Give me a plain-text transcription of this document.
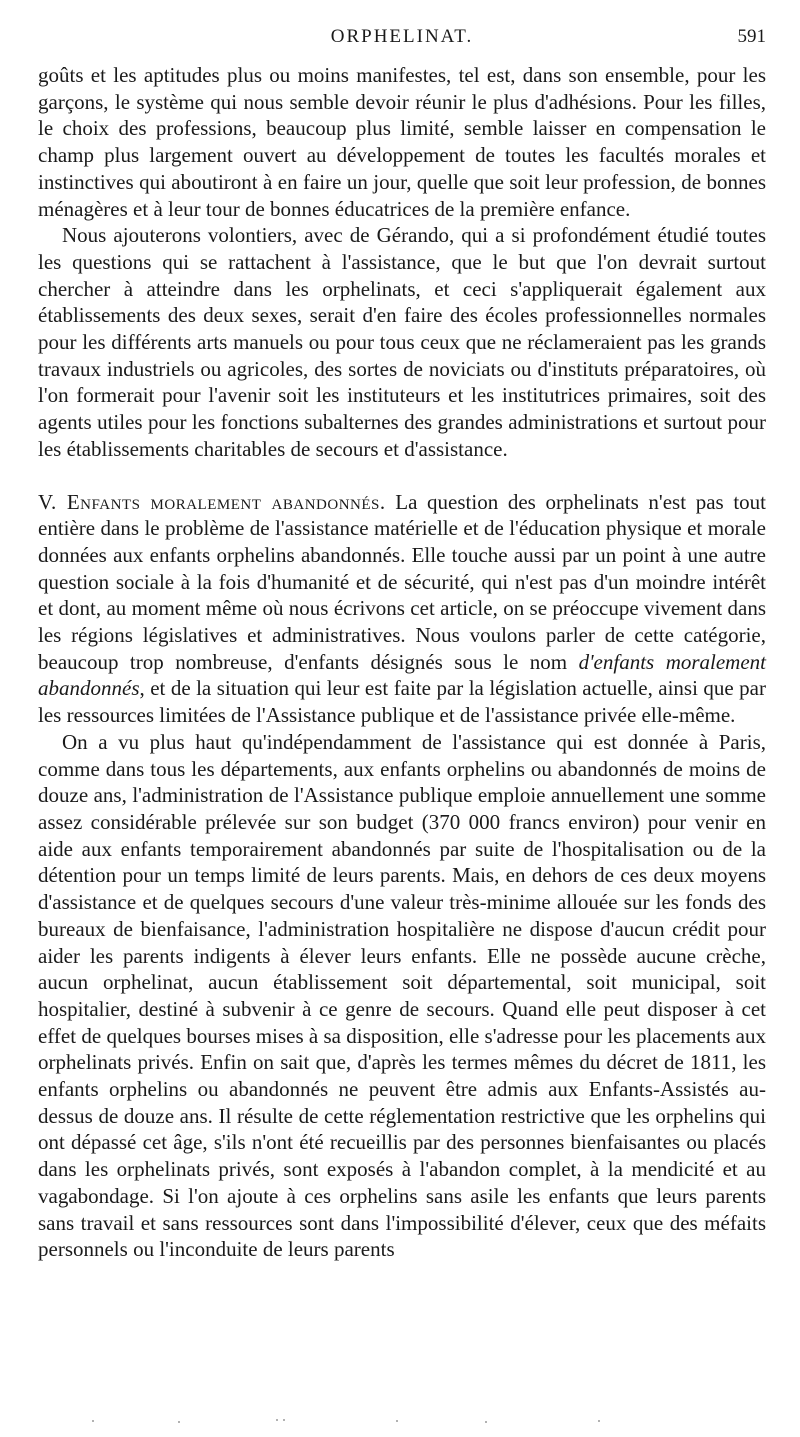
ORPHELINAT.	591

goûts et les aptitudes plus ou moins manifestes, tel est, dans son ensemble, pour les garçons, le système qui nous semble devoir réunir le plus d'adhésions. Pour les filles, le choix des professions, beaucoup plus limité, semble laisser en compensation le champ plus largement ouvert au développement de toutes les facultés morales et instinctives qui aboutiront à en faire un jour, quelle que soit leur profession, de bonnes ménagères et à leur tour de bonnes éducatrices de la première enfance.

Nous ajouterons volontiers, avec de Gérando, qui a si profondément étudié toutes les questions qui se rattachent à l'assistance, que le but que l'on devrait surtout chercher à atteindre dans les orphelinats, et ceci s'appliquerait également aux établissements des deux sexes, serait d'en faire des écoles professionnelles normales pour les différents arts manuels ou pour tous ceux que ne réclameraient pas les grands travaux industriels ou agricoles, des sortes de noviciats ou d'instituts préparatoires, où l'on formerait pour l'avenir soit les instituteurs et les institutrices primaires, soit des agents utiles pour les fonctions subalternes des grandes administrations et surtout pour les établissements charitables de secours et d'assistance.

V. Enfants moralement abandonnés. La question des orphelinats n'est pas tout entière dans le problème de l'assistance matérielle et de l'éducation physique et morale données aux enfants orphelins abandonnés. Elle touche aussi par un point à une autre question sociale à la fois d'humanité et de sécurité, qui n'est pas d'un moindre intérêt et dont, au moment même où nous écrivons cet article, on se préoccupe vivement dans les régions législatives et administratives. Nous voulons parler de cette catégorie, beaucoup trop nombreuse, d'enfants désignés sous le nom d'enfants moralement abandonnés, et de la situation qui leur est faite par la législation actuelle, ainsi que par les ressources limitées de l'Assistance publique et de l'assistance privée elle-même.

On a vu plus haut qu'indépendamment de l'assistance qui est donnée à Paris, comme dans tous les départements, aux enfants orphelins ou abandonnés de moins de douze ans, l'administration de l'Assistance publique emploie annuellement une somme assez considérable prélevée sur son budget (370 000 francs environ) pour venir en aide aux enfants temporairement abandonnés par suite de l'hospitalisation ou de la détention pour un temps limité de leurs parents. Mais, en dehors de ces deux moyens d'assistance et de quelques secours d'une valeur très-minime allouée sur les fonds des bureaux de bienfaisance, l'administration hospitalière ne dispose d'aucun crédit pour aider les parents indigents à élever leurs enfants. Elle ne possède aucune crèche, aucun orphelinat, aucun établissement soit départemental, soit municipal, soit hospitalier, destiné à subvenir à ce genre de secours. Quand elle peut disposer à cet effet de quelques bourses mises à sa disposition, elle s'adresse pour les placements aux orphelinats privés. Enfin on sait que, d'après les termes mêmes du décret de 1811, les enfants orphelins ou abandonnés ne peuvent être admis aux Enfants-Assistés au-dessus de douze ans. Il résulte de cette réglementation restrictive que les orphelins qui ont dépassé cet âge, s'ils n'ont été recueillis par des personnes bienfaisantes ou placés dans les orphelinats privés, sont exposés à l'abandon complet, à la mendicité et au vagabondage. Si l'on ajoute à ces orphelins sans asile les enfants que leurs parents sans travail et sans ressources sont dans l'impossibilité d'élever, ceux que des méfaits personnels ou l'inconduite de leurs parents
